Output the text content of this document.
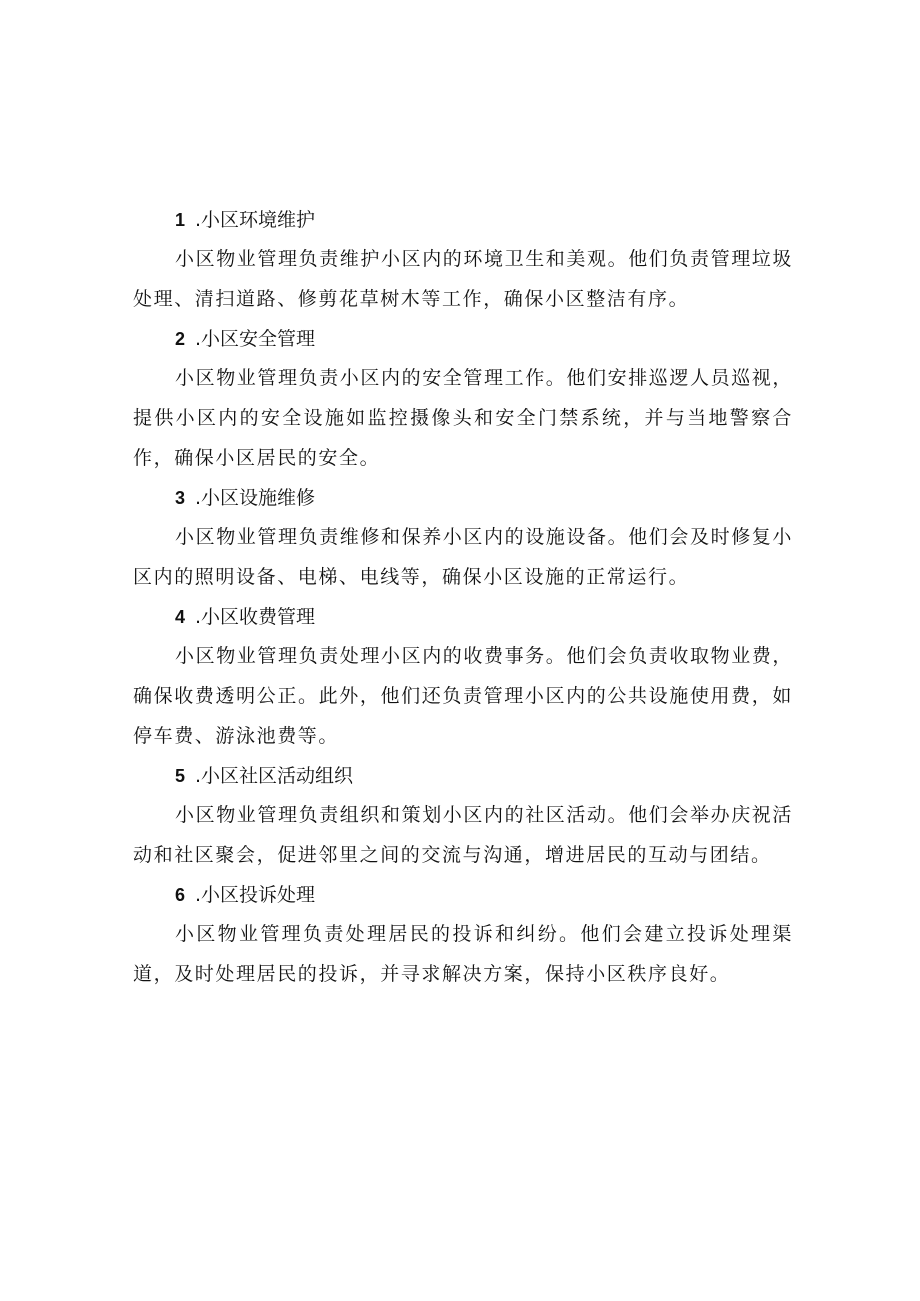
1 .小区环境维护

小区物业管理负责维护小区内的环境卫生和美观。他们负责管理垃圾处理、清扫道路、修剪花草树木等工作，确保小区整洁有序。

2 .小区安全管理

小区物业管理负责小区内的安全管理工作。他们安排巡逻人员巡视，提供小区内的安全设施如监控摄像头和安全门禁系统，并与当地警察合作，确保小区居民的安全。

3 .小区设施维修

小区物业管理负责维修和保养小区内的设施设备。他们会及时修复小区内的照明设备、电梯、电线等，确保小区设施的正常运行。

4 .小区收费管理

小区物业管理负责处理小区内的收费事务。他们会负责收取物业费，确保收费透明公正。此外，他们还负责管理小区内的公共设施使用费，如停车费、游泳池费等。

5 .小区社区活动组织

小区物业管理负责组织和策划小区内的社区活动。他们会举办庆祝活动和社区聚会，促进邻里之间的交流与沟通，增进居民的互动与团结。

6 .小区投诉处理

小区物业管理负责处理居民的投诉和纠纷。他们会建立投诉处理渠道，及时处理居民的投诉，并寻求解决方案，保持小区秩序良好。
